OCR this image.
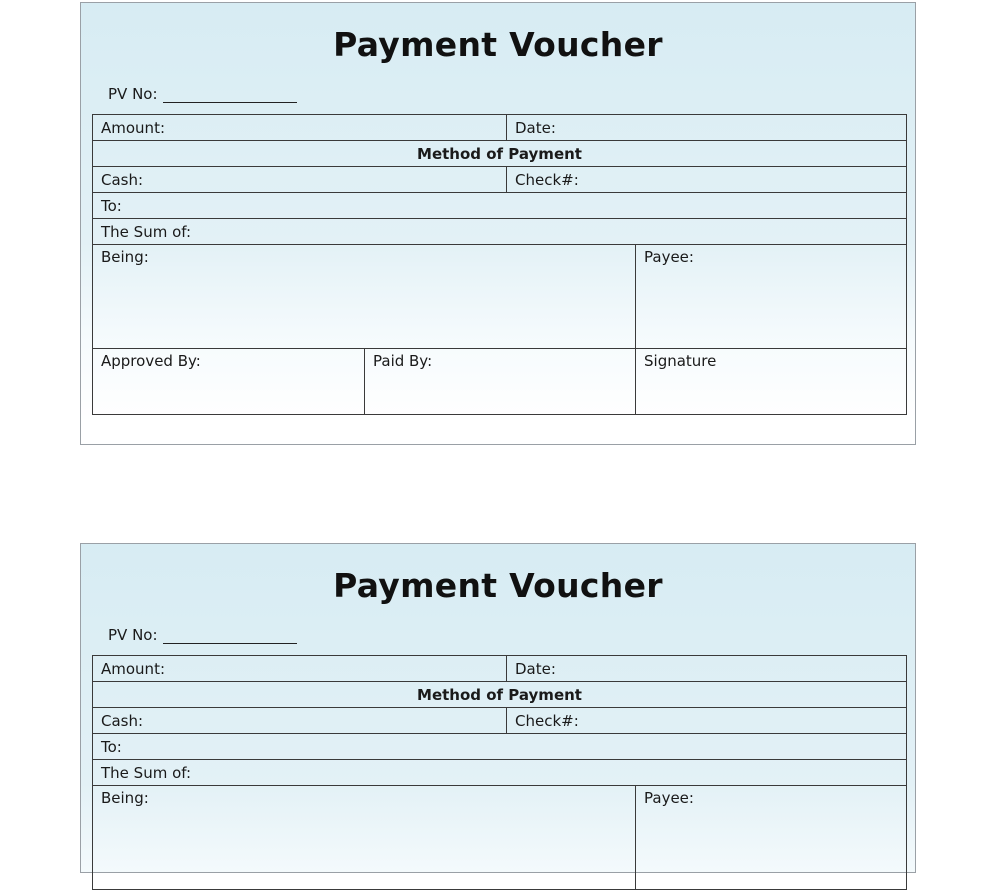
Payment Voucher
PV No:
Amount:		Date:	
Method of Payment			
Cash:		Check#:	
To:			
The Sum of:			
Being:			Payee:
Approved By:	Paid By:		Signature
Payment Voucher
PV No:
Amount:	Date:	
Method of Payment		
Cash:	Check#:	
To:		
The Sum of:		
Being:		Payee:
